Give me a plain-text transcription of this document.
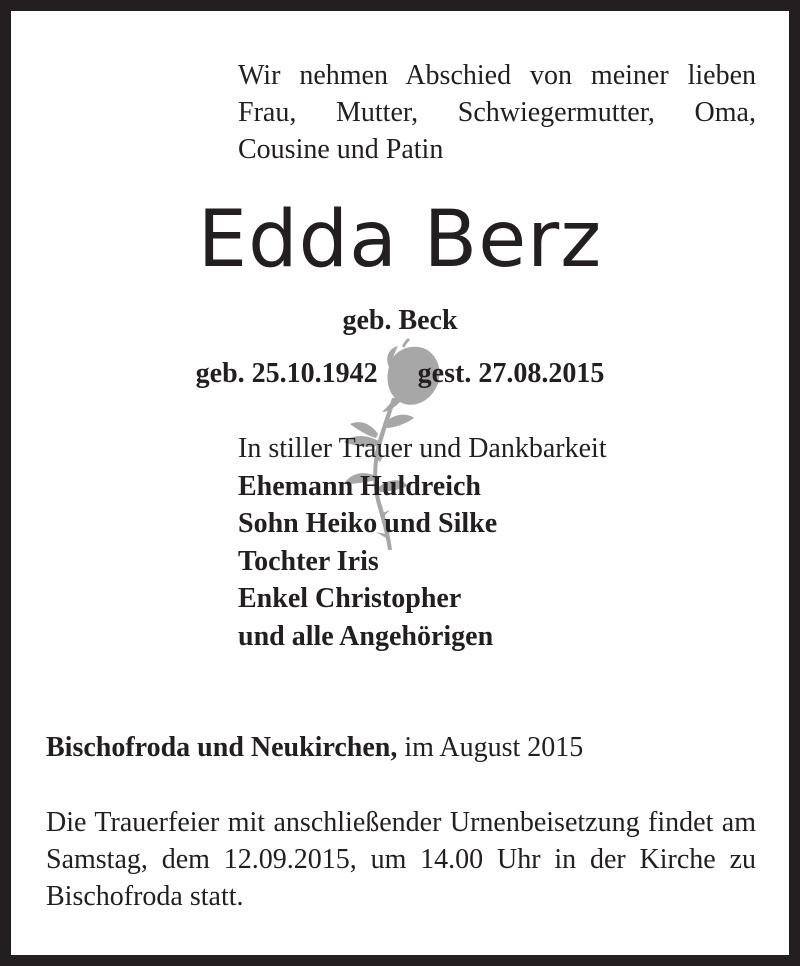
Wir nehmen Abschied von meiner lieben Frau, Mutter, Schwiegermutter, Oma, Cousine und Patin
Edda Berz
geb. Beck
geb. 25.10.1942 gest. 27.08.2015
In stiller Trauer und Dankbarkeit
Ehemann Huldreich
Sohn Heiko und Silke
Tochter Iris
Enkel Christopher
und alle Angehörigen
Bischofroda und Neukirchen, im August 2015
Die Trauerfeier mit anschließender Urnenbeisetzung findet am Samstag, dem 12.09.2015, um 14.00 Uhr in der Kirche zu Bischofroda statt.
